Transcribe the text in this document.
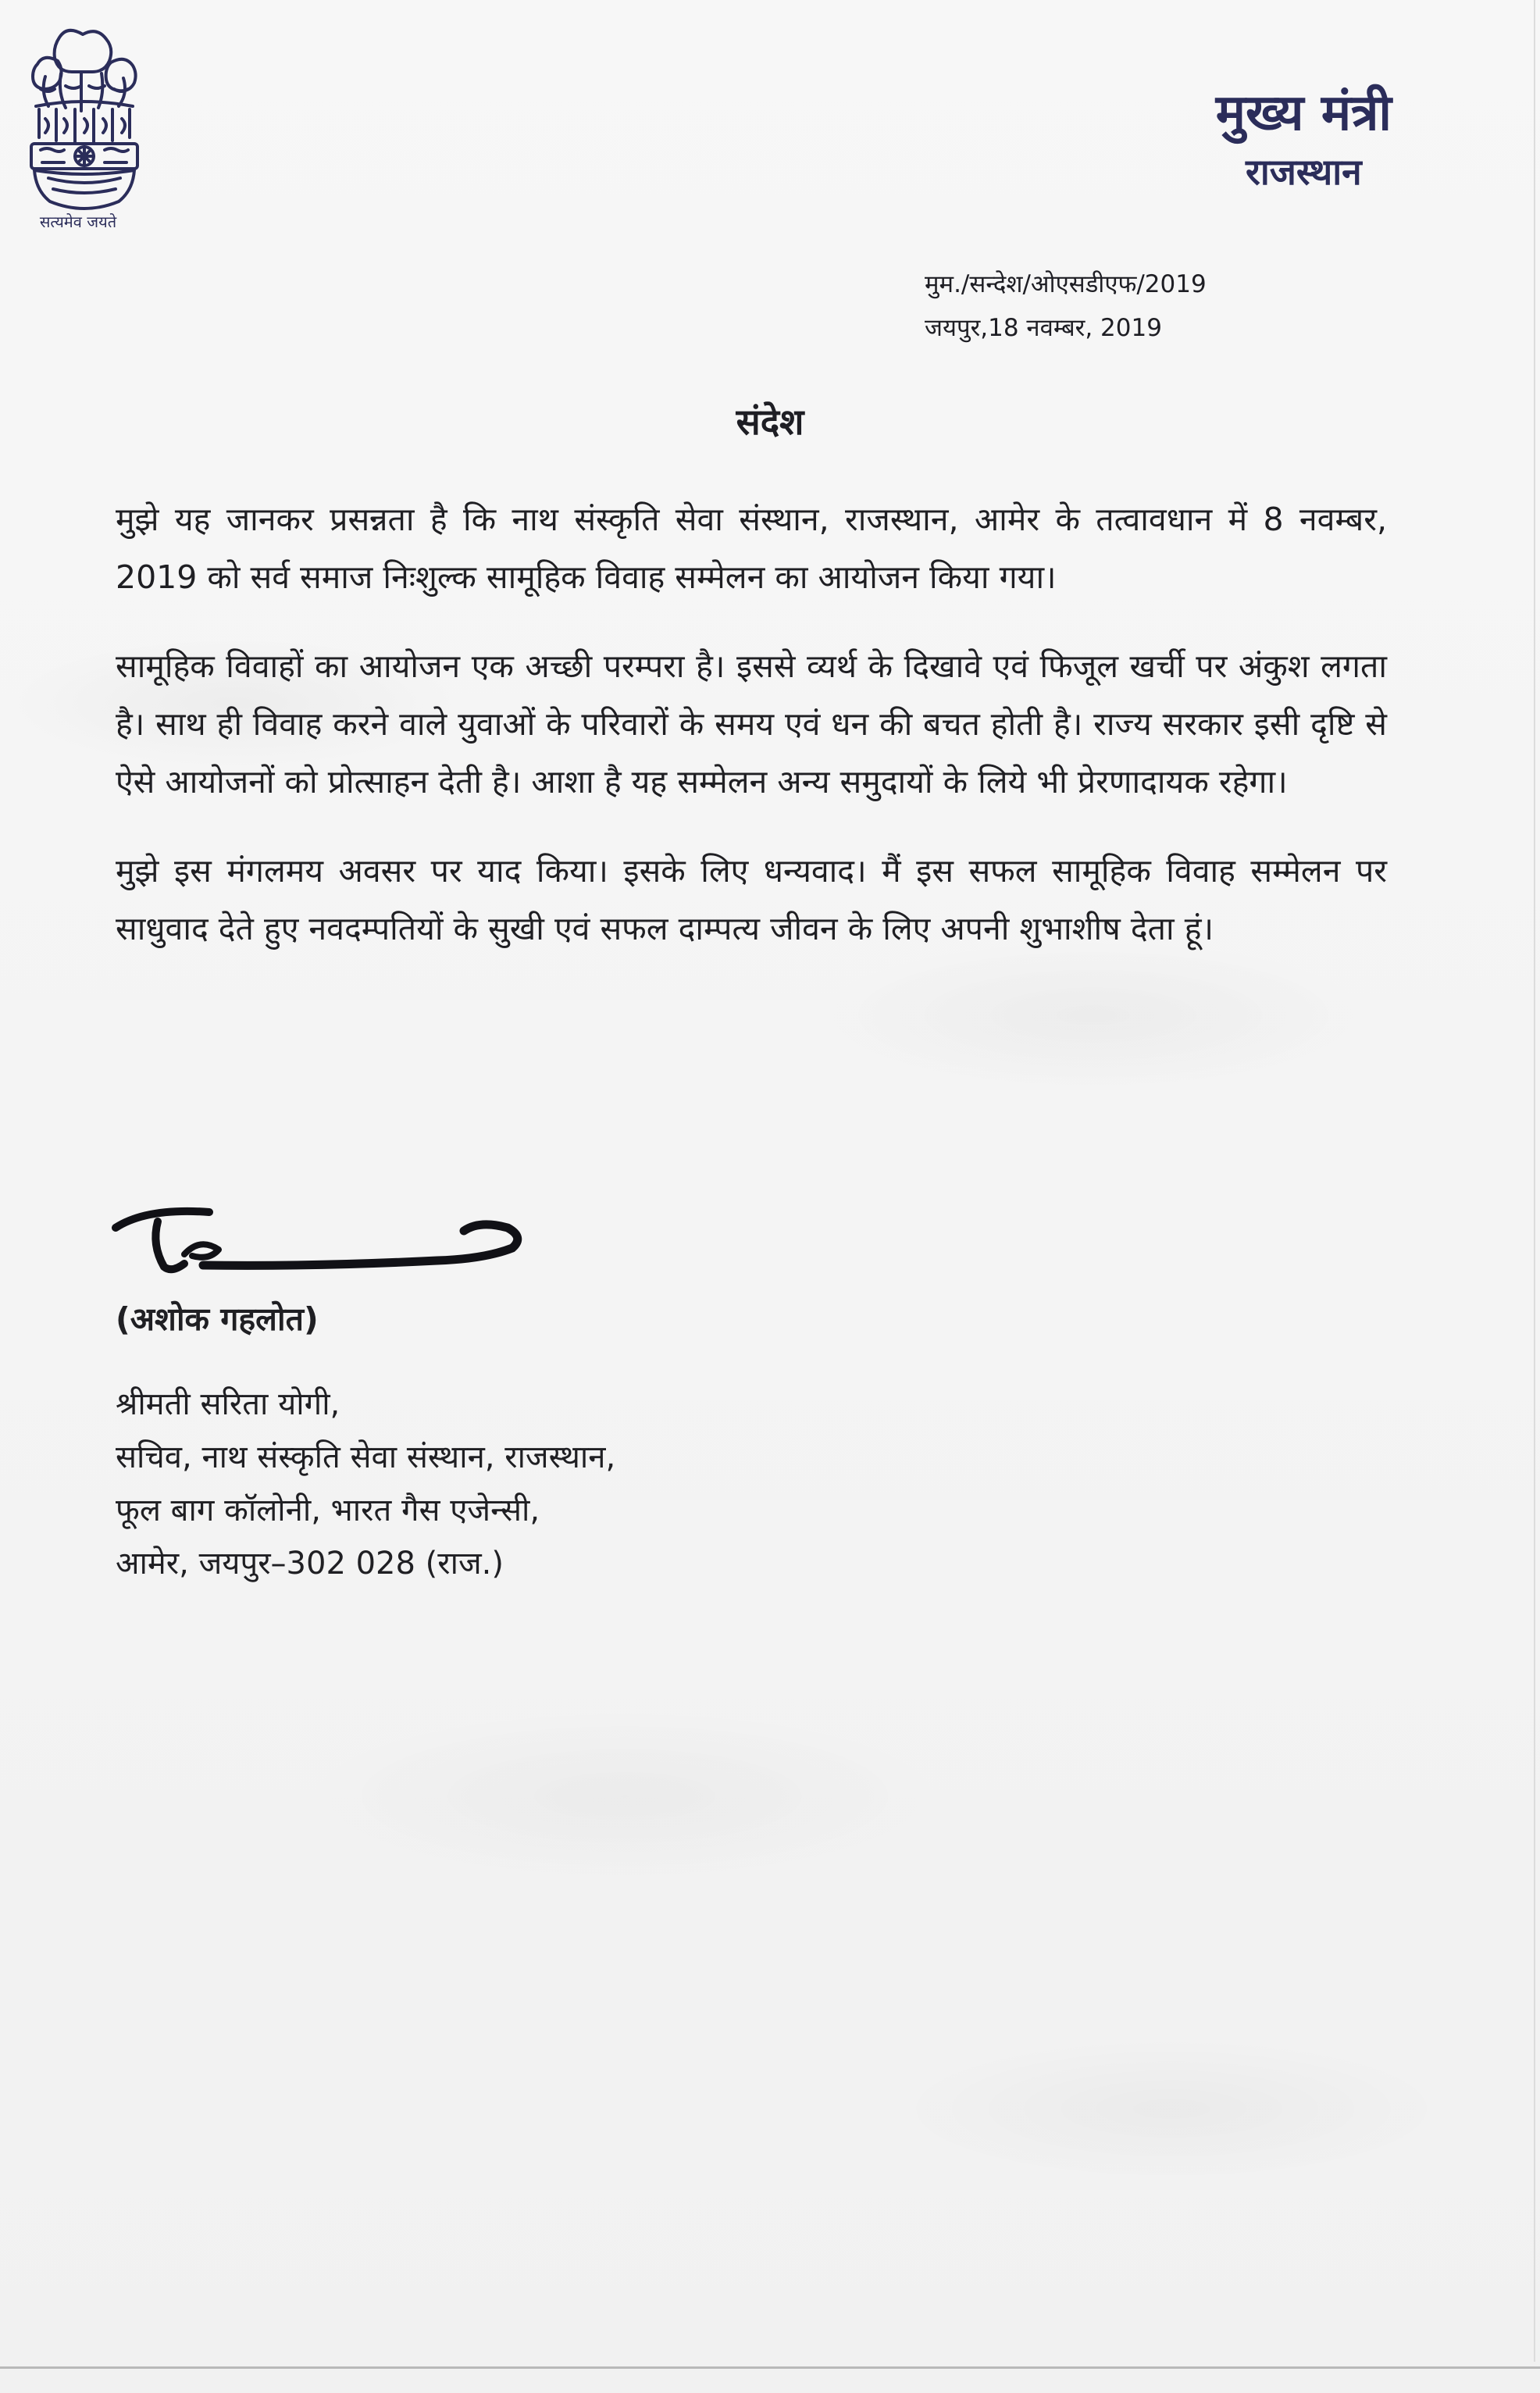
सत्यमेव जयते
मुख्य मंत्री
राजस्थान
मुम./सन्देश/ओएसडीएफ/2019
जयपुर,18 नवम्बर, 2019
संदेश

मुझे यह जानकर प्रसन्नता है कि नाथ संस्कृति सेवा संस्थान, राजस्थान, आमेर के तत्वावधान में 8 नवम्बर, 2019 को सर्व समाज निःशुल्क सामूहिक विवाह सम्मेलन का आयोजन किया गया।

सामूहिक विवाहों का आयोजन एक अच्छी परम्परा है। इससे व्यर्थ के दिखावे एवं फिजूल खर्ची पर अंकुश लगता है। साथ ही विवाह करने वाले युवाओं के परिवारों के समय एवं धन की बचत होती है। राज्य सरकार इसी दृष्टि से ऐसे आयोजनों को प्रोत्साहन देती है। आशा है यह सम्मेलन अन्य समुदायों के लिये भी प्रेरणादायक रहेगा।

मुझे इस मंगलमय अवसर पर याद किया। इसके लिए धन्यवाद। मैं इस सफल सामूहिक विवाह सम्मेलन पर साधुवाद देते हुए नवदम्पतियों के सुखी एवं सफल दाम्पत्य जीवन के लिए अपनी शुभाशीष देता हूं।

(अशोक गहलोत)
श्रीमती सरिता योगी,
सचिव, नाथ संस्कृति सेवा संस्थान, राजस्थान,
फूल बाग कॉलोनी, भारत गैस एजेन्सी,
आमेर, जयपुर–302 028 (राज.)
